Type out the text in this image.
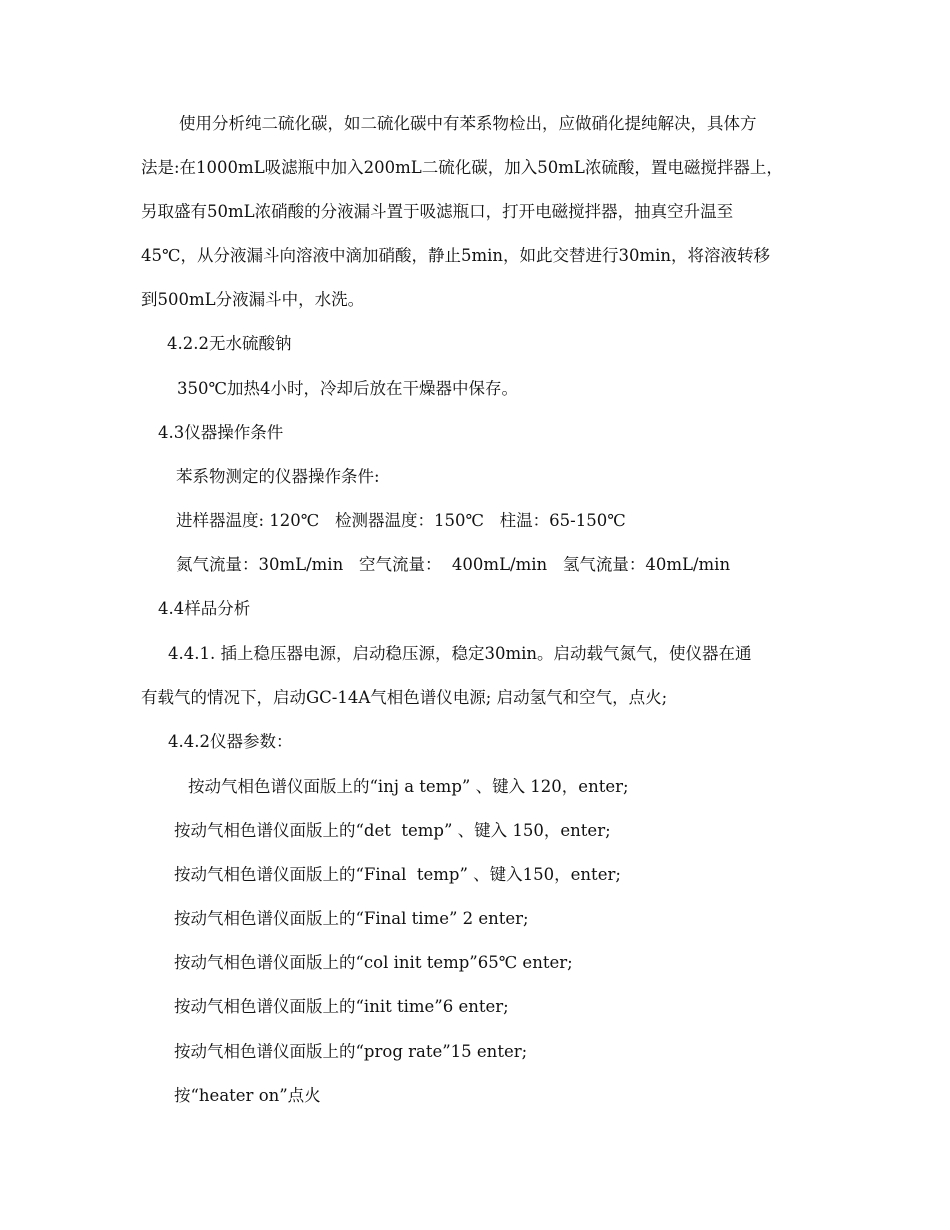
使用分析纯二硫化碳，如二硫化碳中有苯系物检出，应做硝化提纯解决，具体方

法是:在1000mL吸滤瓶中加入200mL二硫化碳，加入50mL浓硫酸，置电磁搅拌器上，

另取盛有50mL浓硝酸的分液漏斗置于吸滤瓶口，打开电磁搅拌器，抽真空升温至

45℃，从分液漏斗向溶液中滴加硝酸，静止5min，如此交替进行30min，将溶液转移

到500mL分液漏斗中，水洗。

4.2.2无水硫酸钠

350℃加热4小时，冷却后放在干燥器中保存。

4.3仪器操作条件

苯系物测定的仪器操作条件:

进样器温度: 120℃   检测器温度：150℃   柱温：65-150℃

氮气流量：30mL/min   空气流量：  400mL/min   氢气流量：40mL/min

4.4样品分析

4.4.1. 插上稳压器电源，启动稳压源，稳定30min。启动载气氮气，使仪器在通

有载气的情况下，启动GC-14A气相色谱仪电源; 启动氢气和空气，点火;

4.4.2仪器参数：

按动气相色谱仪面版上的“inj a temp” 、键入 120，enter;

按动气相色谱仪面版上的“det  temp” 、键入 150，enter;

按动气相色谱仪面版上的“Final  temp” 、键入150，enter;

按动气相色谱仪面版上的“Final time” 2 enter;

按动气相色谱仪面版上的“col init temp”65℃ enter;

按动气相色谱仪面版上的“init time”6 enter;

按动气相色谱仪面版上的“prog rate”15 enter;

按“heater on”点火
